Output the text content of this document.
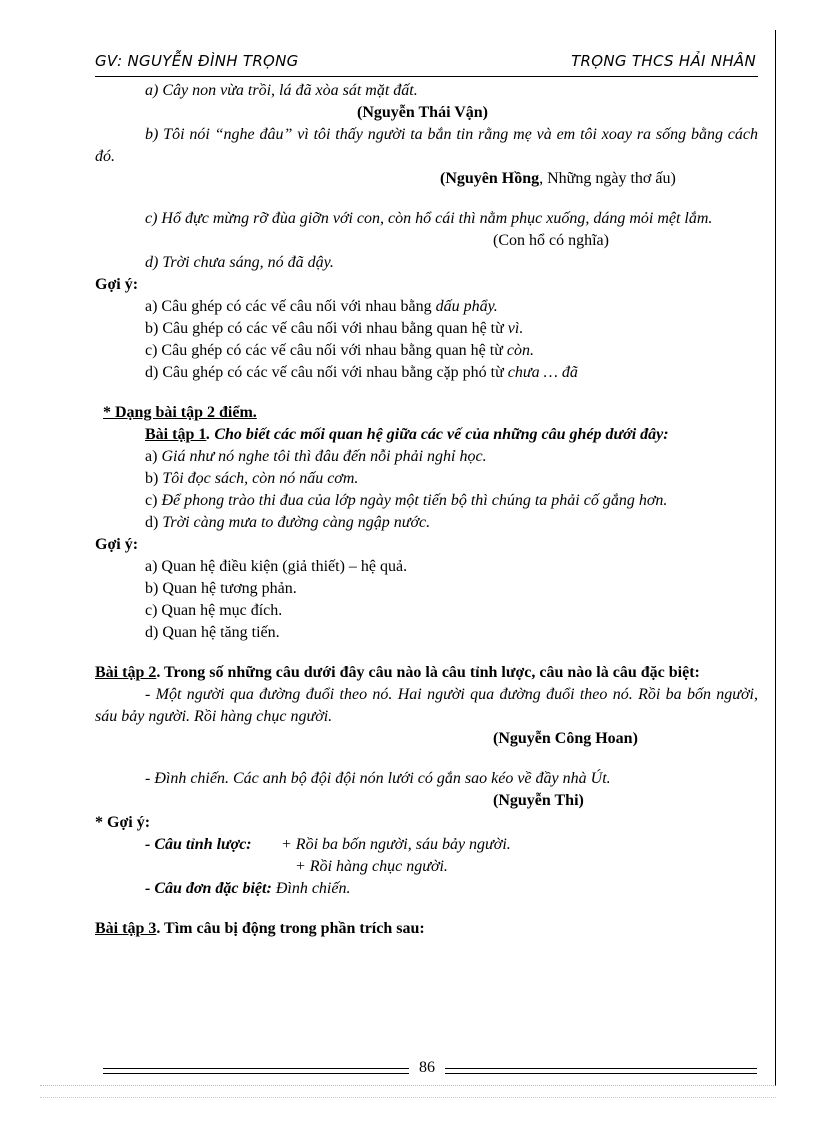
GV: NGUYỄN ĐÌNH TRỌNG	TRỌNG THCS HẢI NHÂN

a) Cây non vừa trồi, lá đã xòa sát mặt đất.

(Nguyễn Thái Vận)

b) Tôi nói “nghe đâu” vì tôi thấy người ta bắn tin rằng mẹ và em tôi xoay ra sống bằng cách đó.

(Nguyên Hồng, Những ngày thơ ấu)

c) Hổ đực mừng rỡ đùa giỡn với con, còn hổ cái thì nằm phục xuống, dáng mỏi mệt lắm.

(Con hổ có nghĩa)

d) Trời chưa sáng, nó đã dậy.

Gợi ý:

a) Câu ghép có các vế câu nối với nhau bằng dấu phẩy.

b) Câu ghép có các vế câu nối với nhau bằng quan hệ từ vì.

c) Câu ghép có các vế câu nối với nhau bằng quan hệ từ còn.

d) Câu ghép có các vế câu nối với nhau bằng cặp phó từ chưa … đã

* Dạng bài tập 2 điểm.

Bài tập 1. Cho biết các mối quan hệ giữa các vế của những câu ghép dưới đây:

a) Giá như nó nghe tôi thì đâu đến nỗi phải nghỉ học.

b) Tôi đọc sách, còn nó nấu cơm.

c) Để phong trào thi đua của lớp ngày một tiến bộ thì chúng ta phải cố gắng hơn.

d) Trời càng mưa to đường càng ngập nước.

Gợi ý:

a) Quan hệ điều kiện (giả thiết) – hệ quả.

b) Quan hệ tương phản.

c) Quan hệ mục đích.

d) Quan hệ tăng tiến.

Bài tập 2. Trong số những câu dưới đây câu nào là câu tỉnh lược, câu nào là câu đặc biệt:

- Một người qua đường đuổi theo nó. Hai người qua đường đuổi theo nó. Rồi ba bốn người, sáu bảy người. Rồi hàng chục người.

(Nguyễn Công Hoan)

- Đình chiến. Các anh bộ đội đội nón lưới có gắn sao kéo về đầy nhà Út.

(Nguyễn Thi)

* Gợi ý:

- Câu tỉnh lược: + Rồi ba bốn người, sáu bảy người.

+ Rồi hàng chục người.

- Câu đơn đặc biệt: Đình chiến.

Bài tập 3. Tìm câu bị động trong phần trích sau:

86
